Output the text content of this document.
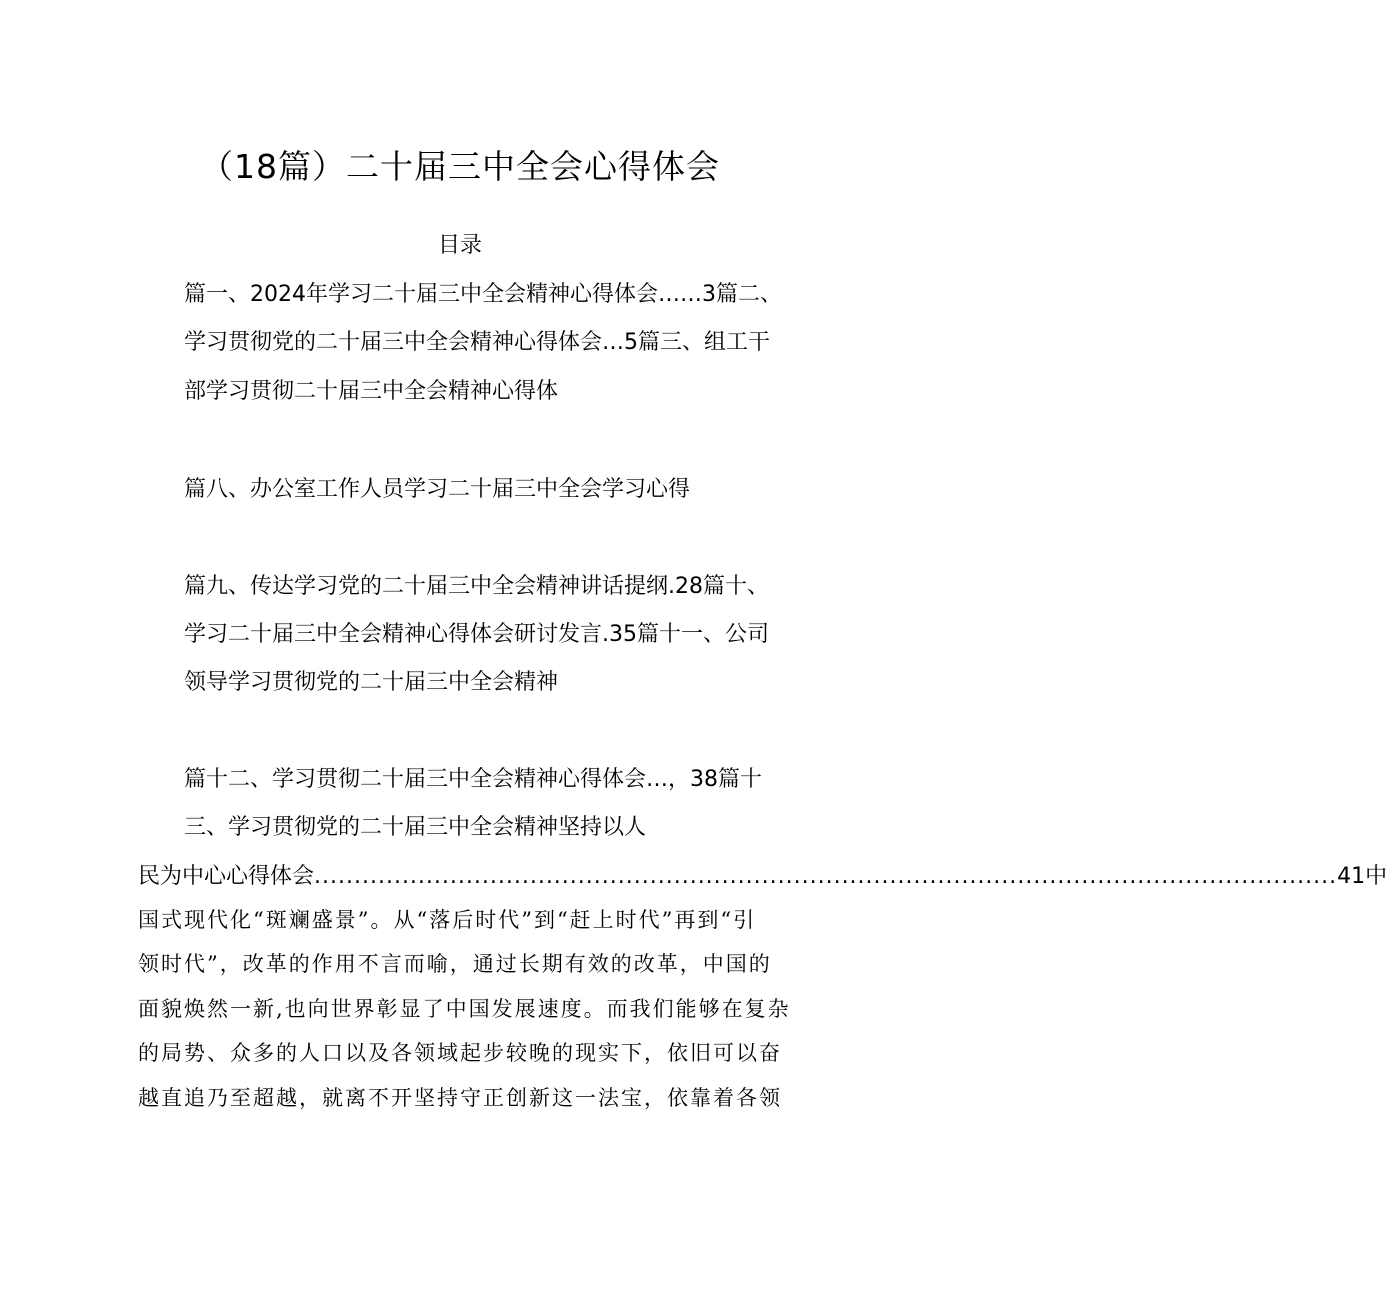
（18篇）二十届三中全会心得体会
目录
篇一、2024年学习二十届三中全会精神心得体会……3篇二、
学习贯彻党的二十届三中全会精神心得体会…5篇三、组工干
部学习贯彻二十届三中全会精神心得体
篇八、办公室工作人员学习二十届三中全会学习心得
篇九、传达学习党的二十届三中全会精神讲话提纲.28篇十、
学习二十届三中全会精神心得体会研讨发言.35篇十一、公司
领导学习贯彻党的二十届三中全会精神
篇十二、学习贯彻二十届三中全会精神心得体会…，38篇十
三、学习贯彻党的二十届三中全会精神坚持以人
民为中心心得体会 ................................................................................................................................ 41中
国式现代化“斑斓盛景”。从“落后时代”到“赶上时代”再到“引
领时代”，改革的作用不言而喻，通过长期有效的改革，中国的
面貌焕然一新,也向世界彰显了中国发展速度。而我们能够在复杂
的局势、众多的人口以及各领域起步较晚的现实下，依旧可以奋
越直追乃至超越，就离不开坚持守正创新这一法宝，依靠着各领
